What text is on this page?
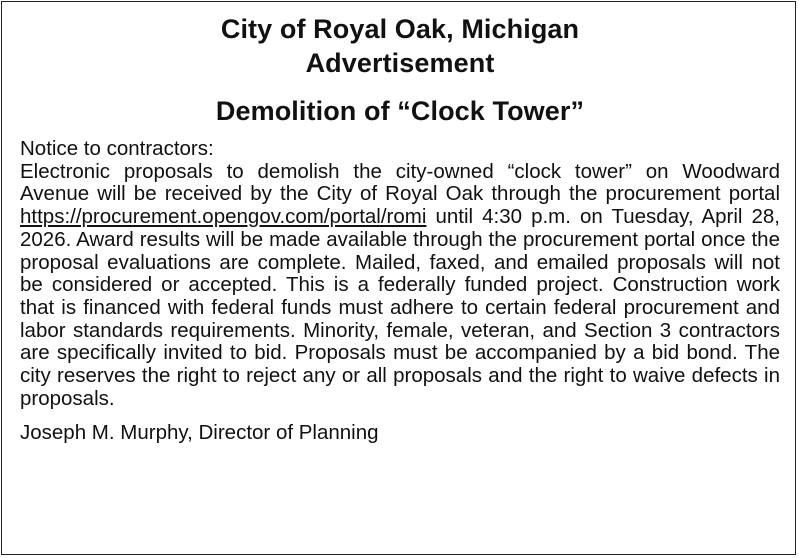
City of Royal Oak, Michigan
Advertisement
Demolition of “Clock Tower”

Notice to contractors:

Electronic proposals to demolish the city-owned “clock tower” on Woodward Avenue will be received by the City of Royal Oak through the procurement portal https://procurement.opengov.com/portal/romi until 4:30 p.m. on Tuesday, April 28, 2026. Award results will be made available through the procurement portal once the proposal evaluations are complete. Mailed, faxed, and emailed proposals will not be considered or accepted. This is a federally funded project. Construction work that is financed with federal funds must adhere to certain federal procurement and labor standards requirements. Minority, female, veteran, and Section 3 contractors are specifically invited to bid. Proposals must be accompanied by a bid bond. The city reserves the right to reject any or all proposals and the right to waive defects in proposals.

Joseph M. Murphy, Director of Planning
